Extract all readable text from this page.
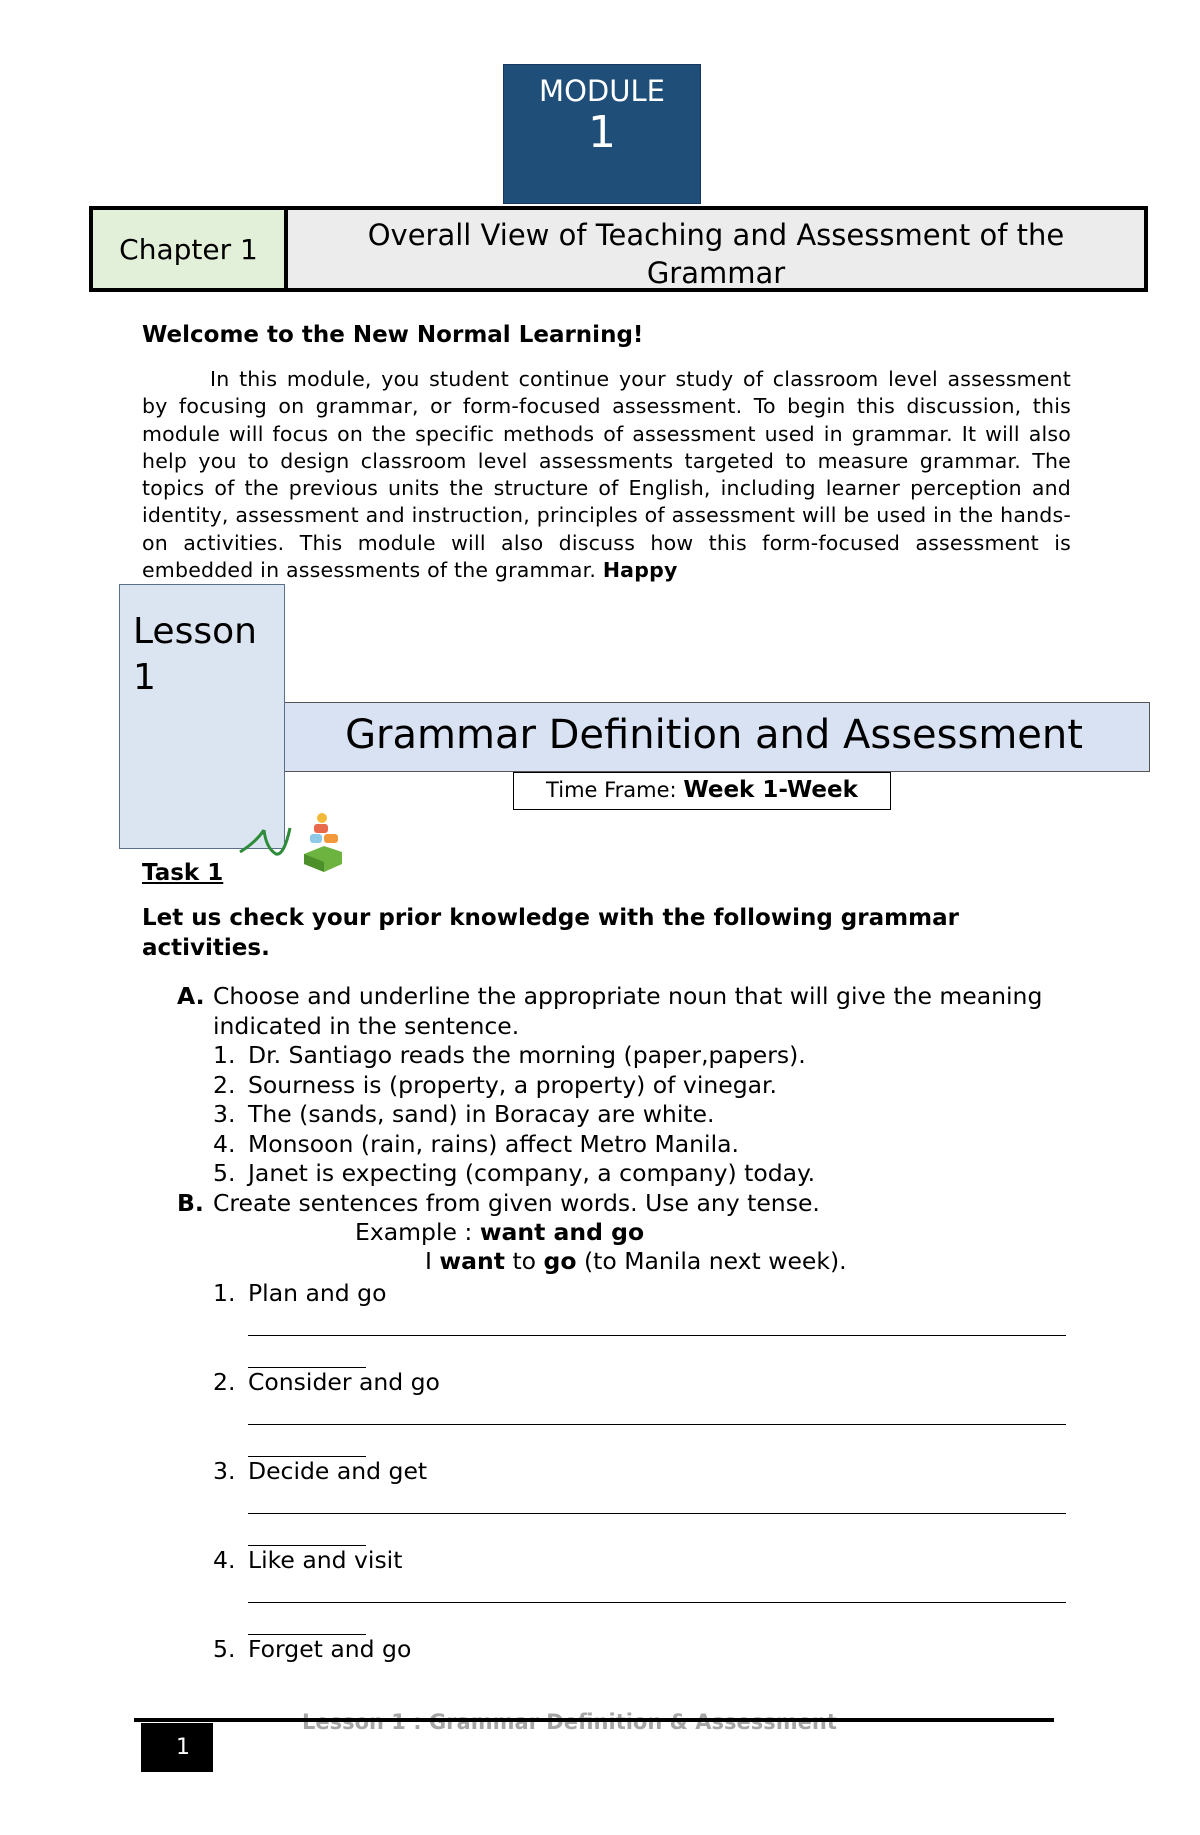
MODULE
1
Chapter 1	Overall View of Teaching and Assessment of the
Grammar
Welcome to the New Normal Learning!
In this module, you student continue your study of classroom level assessment by focusing on grammar, or form-focused assessment. To begin this discussion, this module will focus on the specific methods of assessment used in grammar. It will also help you to design classroom level assessments targeted to measure grammar. The topics of the previous units the structure of English, including learner perception and identity, assessment and instruction, principles of assessment will be used in the hands-on activities. This module will also discuss how this form-focused assessment is embedded in assessments of the grammar. Happy
Grammar Definition and Assessment
Lesson
1
Time Frame: Week 1-Week
Task 1
Let us check your prior knowledge with the following grammar
activities.
A. Choose and underline the appropriate noun that will give the meaning
indicated in the sentence.
1. Dr. Santiago reads the morning (paper,papers).
2. Sourness is (property, a property) of vinegar.
3. The (sands, sand) in Boracay are white.
4. Monsoon (rain, rains) affect Metro Manila.
5. Janet is expecting (company, a company) today.
B. Create sentences from given words. Use any tense.
Example : want and go
I want to go (to Manila next week).
1. Plan and go
2. Consider and go
3. Decide and get
4. Like and visit
5. Forget and go
Lesson 1 : Grammar Definition & Assessment
1
